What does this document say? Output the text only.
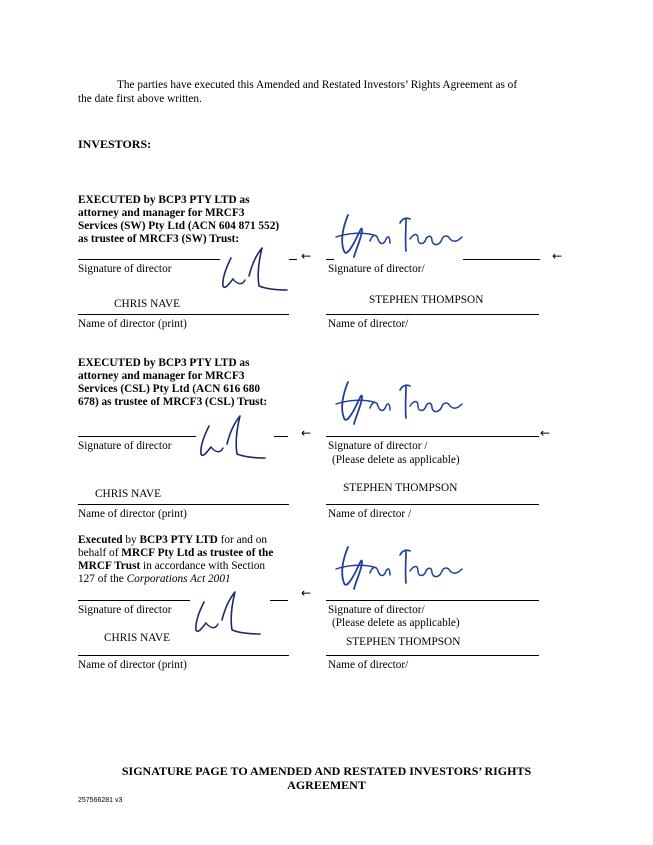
The parties have executed this Amended and Restated Investors’ Rights Agreement as of
the date first above written.
INVESTORS:
EXECUTED by BCP3 PTY LTD as
attorney and manager for MRCF3
Services (SW) Pty Ltd (ACN 604 871 552)
as trustee of MRCF3 (SW) Trust:
Signature of director
←
CHRIS NAVE
Name of director (print)
Signature of director/
←
STEPHEN THOMPSON
Name of director/
EXECUTED by BCP3 PTY LTD as
attorney and manager for MRCF3
Services (CSL) Pty Ltd (ACN 616 680
678) as trustee of MRCF3 (CSL) Trust:
Signature of director
←
CHRIS NAVE
Name of director (print)
←
Signature of director /
(Please delete as applicable)
STEPHEN THOMPSON
Name of director /
Executed by BCP3 PTY LTD for and on
behalf of MRCF Pty Ltd as trustee of the
MRCF Trust in accordance with Section
127 of the Corporations Act 2001
Signature of director
←
CHRIS NAVE
Name of director (print)
Signature of director/
(Please delete as applicable)
STEPHEN THOMPSON
Name of director/
SIGNATURE PAGE TO AMENDED AND RESTATED INVESTORS’ RIGHTS
AGREEMENT
257566281 v3
